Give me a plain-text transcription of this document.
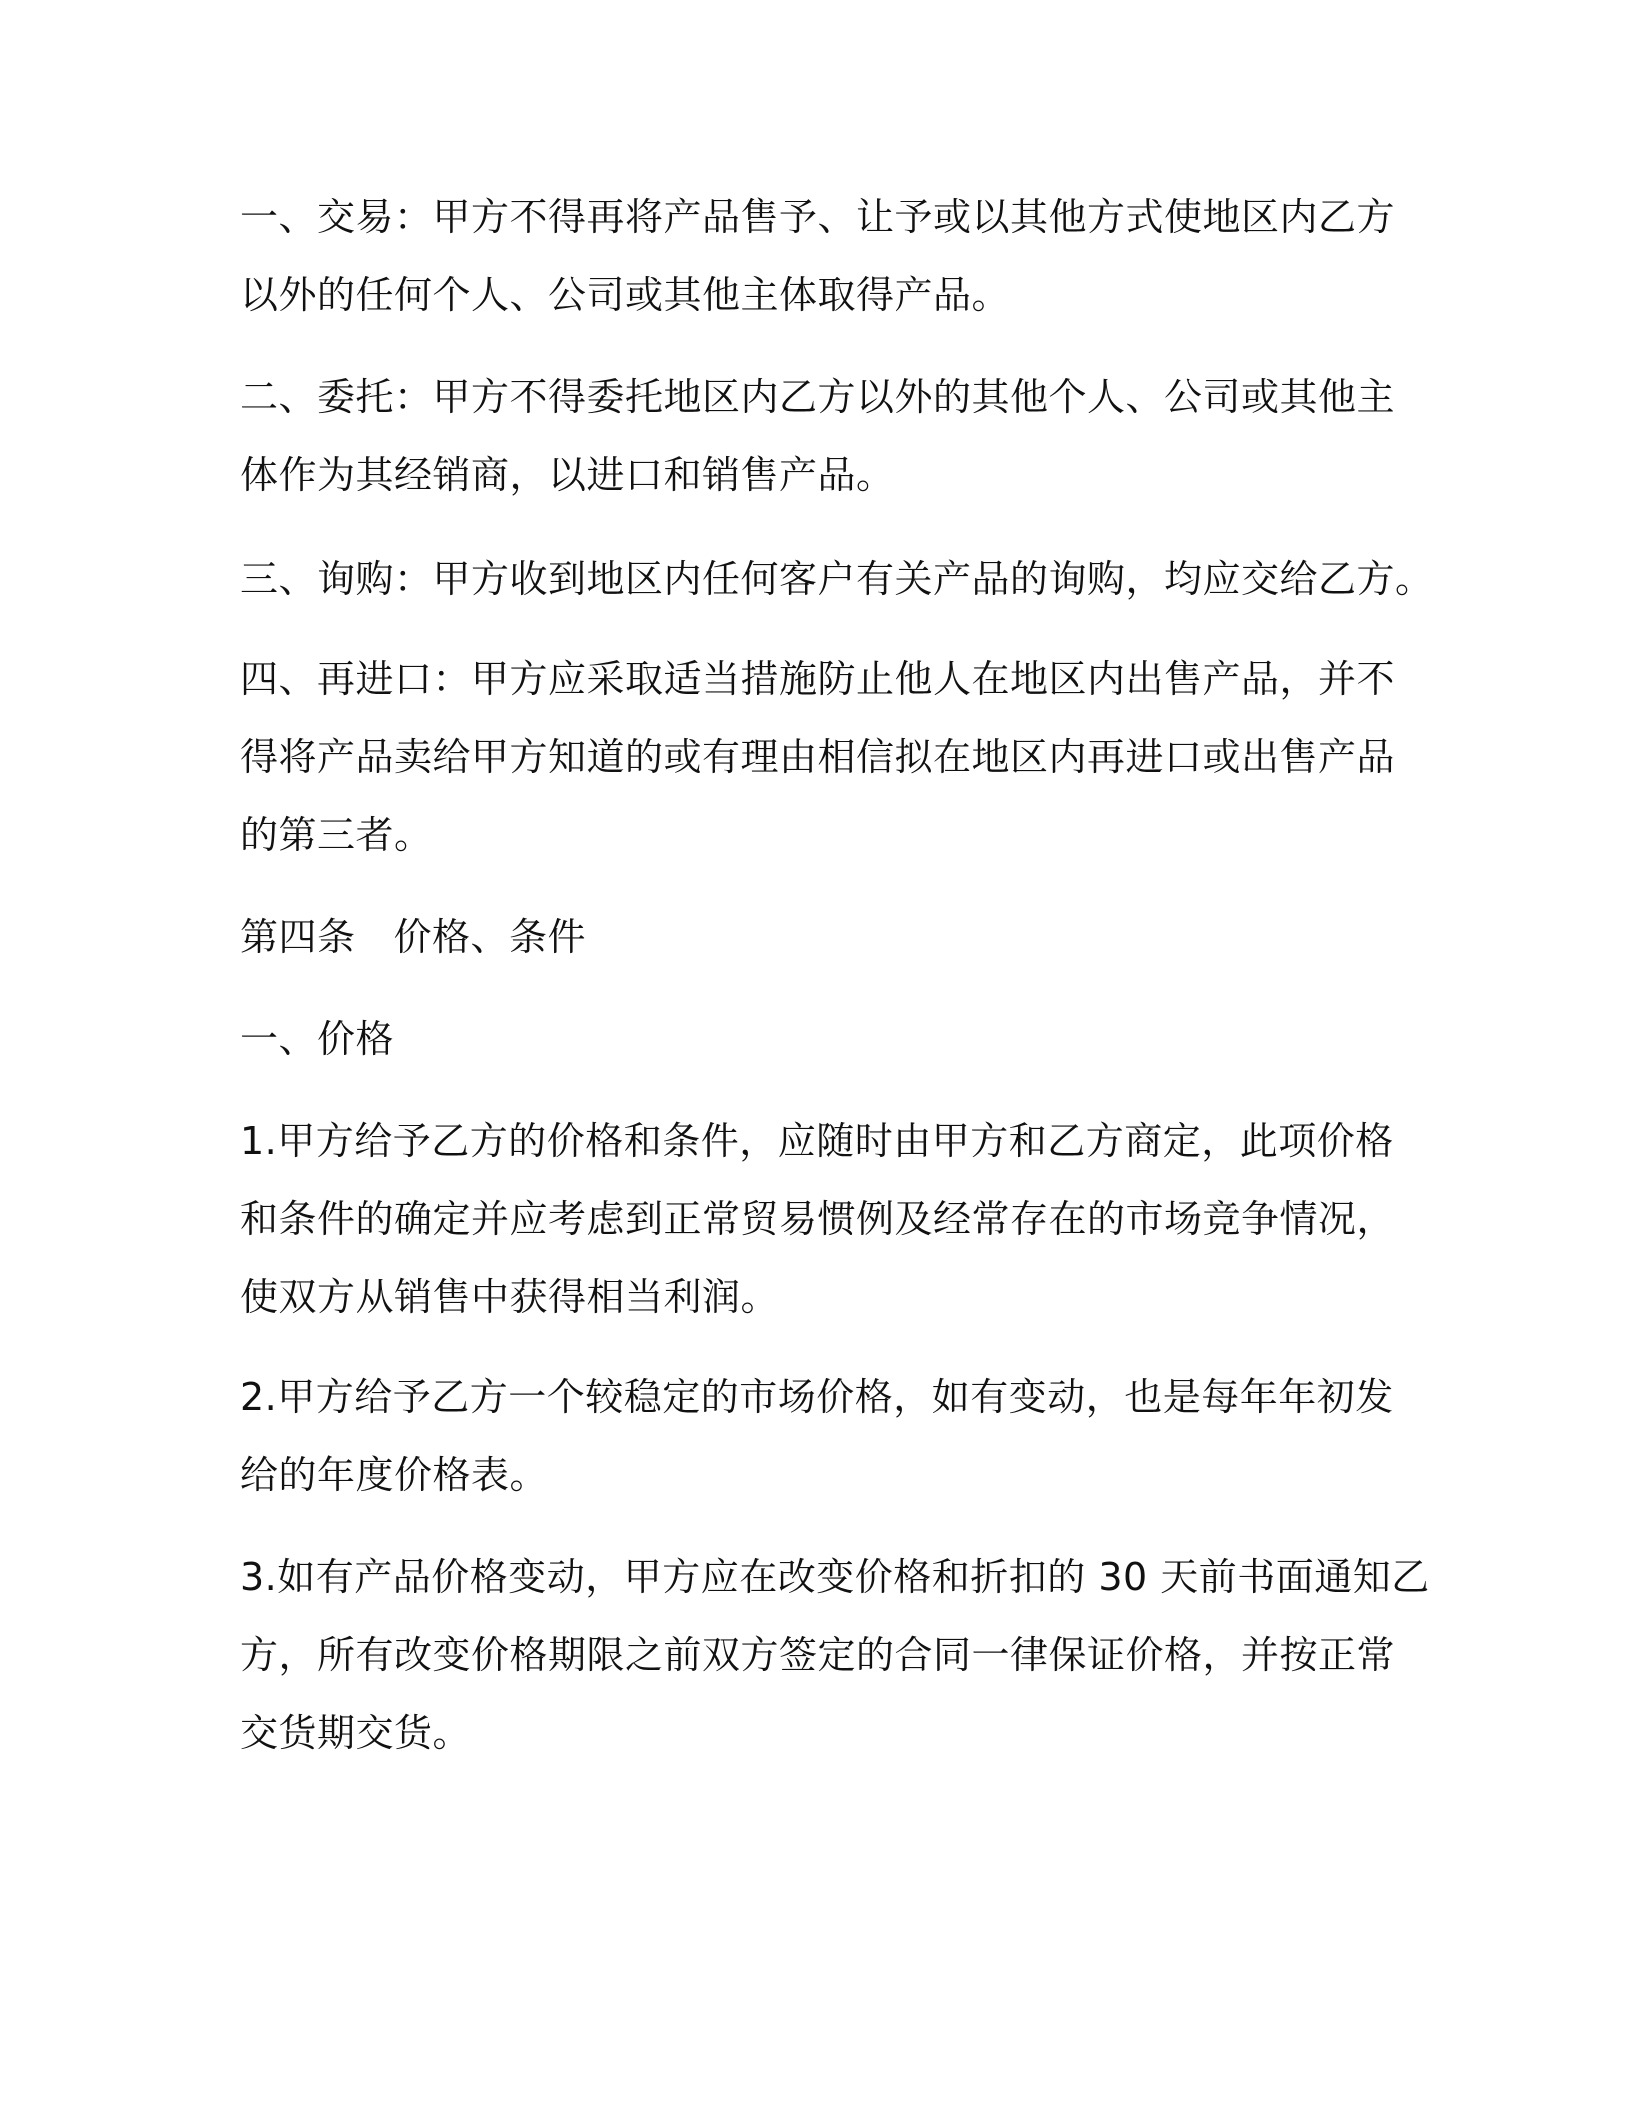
一、交易：甲方不得再将产品售予、让予或以其他方式使地区内乙方
以外的任何个人、公司或其他主体取得产品。

二、委托：甲方不得委托地区内乙方以外的其他个人、公司或其他主
体作为其经销商，以进口和销售产品。

三、询购：甲方收到地区内任何客户有关产品的询购，均应交给乙方。

四、再进口：甲方应采取适当措施防止他人在地区内出售产品，并不
得将产品卖给甲方知道的或有理由相信拟在地区内再进口或出售产品
的第三者。

第四条 价格、条件

一、价格

1.甲方给予乙方的价格和条件，应随时由甲方和乙方商定，此项价格
和条件的确定并应考虑到正常贸易惯例及经常存在的市场竞争情况，
使双方从销售中获得相当利润。

2.甲方给予乙方一个较稳定的市场价格，如有变动，也是每年年初发
给的年度价格表。

3.如有产品价格变动，甲方应在改变价格和折扣的 30 天前书面通知乙
方，所有改变价格期限之前双方签定的合同一律保证价格，并按正常
交货期交货。
